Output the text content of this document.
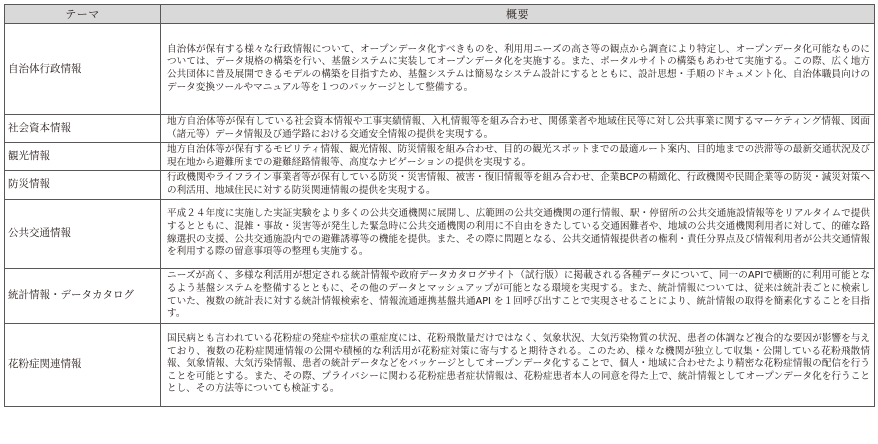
テーマ	概要
自治体行政情報	自治体が保有する様々な行政情報について、オープンデータ化すべきものを、利用用ニーズの高さ等の観点から調査により特定し、オープンデータ化可能なものについては、データ規格の構築を行い、基盤システムに実装してオープンデータ化を実施する。また、ポータルサイトの構築もあわせて実施する。この際、広く地方公共団体に普及展開できるモデルの構築を目指すため、基盤システムは簡易なシステム設計にするとともに、設計思想・手順のドキュメント化、自治体職員向けのデータ変換ツールやマニュアル等を１つのパッケージとして整備する。
社会資本情報	地方自治体等が保有している社会資本情報や工事実績情報、入札情報等を組み合わせ、関係業者や地域住民等に対し公共事業に関するマーケティング情報、図面（諸元等）データ情報及び通学路における交通安全情報の提供を実現する。
観光情報	地方自治体等が保有するモビリティ情報、観光情報、防災情報を組み合わせ、目的の観光スポットまでの最適ルート案内、目的地までの渋滞等の最新交通状況及び現在地から避難所までの避難経路情報等、高度なナビゲーションの提供を実現する。
防災情報	行政機関やライフライン事業者等が保有している防災・災害情報、被害・復旧情報等を組み合わせ、企業BCPの精緻化、行政機関や民間企業等の防災・減災対策への利活用、地域住民に対する防災関連情報の提供を実現する。
公共交通情報	平成２４年度に実施した実証実験をより多くの公共交通機関に展開し、広範囲の公共交通機関の運行情報、駅・停留所の公共交通施設情報等をリアルタイムで提供するとともに、混雑・事故・災害等が発生した緊急時に公共交通機関の利用に不自由をきたしている交通困難者や、地域の公共交通機関利用者に対して、的確な路線選択の支援、公共交通施設内での避難誘導等の機能を提供。また、その際に問題となる、公共交通情報提供者の権利・責任分界点及び情報利用者が公共交通情報を利用する際の留意事項等の整理も実施する。
統計情報・データカタログ	ニーズが高く、多様な利活用が想定される統計情報や政府データカタログサイト（試行版）に掲載される各種データについて、同一のAPIで横断的に利用可能となるよう基盤システムを整備するとともに、その他のデータとマッシュアップが可能となる環境を実現する。また、統計情報については、従来は統計表ごとに検索していた、複数の統計表に対する統計情報検索を、情報流通連携基盤共通API を１回呼び出すことで実現させることにより、統計情報の取得を簡素化することを目指す。
花粉症関連情報	国民病とも言われている花粉症の発症や症状の重症度には、花粉飛散量だけではなく、気象状況、大気汚染物質の状況、患者の体調など複合的な要因が影響を与えており、複数の花粉症関連情報の公開や積極的な利活用が花粉症対策に寄与すると期待される。このため、様々な機関が独立して収集・公開している花粉飛散情報、気象情報、大気汚染情報、患者の統計データなどをパッケージとしてオープンデータ化することで、個人・地域に合わせたより精密な花粉症情報の配信を行うことを可能とする。また、その際、プライバシーに関わる花粉症患者症状情報は、花粉症患者本人の同意を得た上で、統計情報としてオープンデータ化を行うこととし、その方法等についても検証する。
